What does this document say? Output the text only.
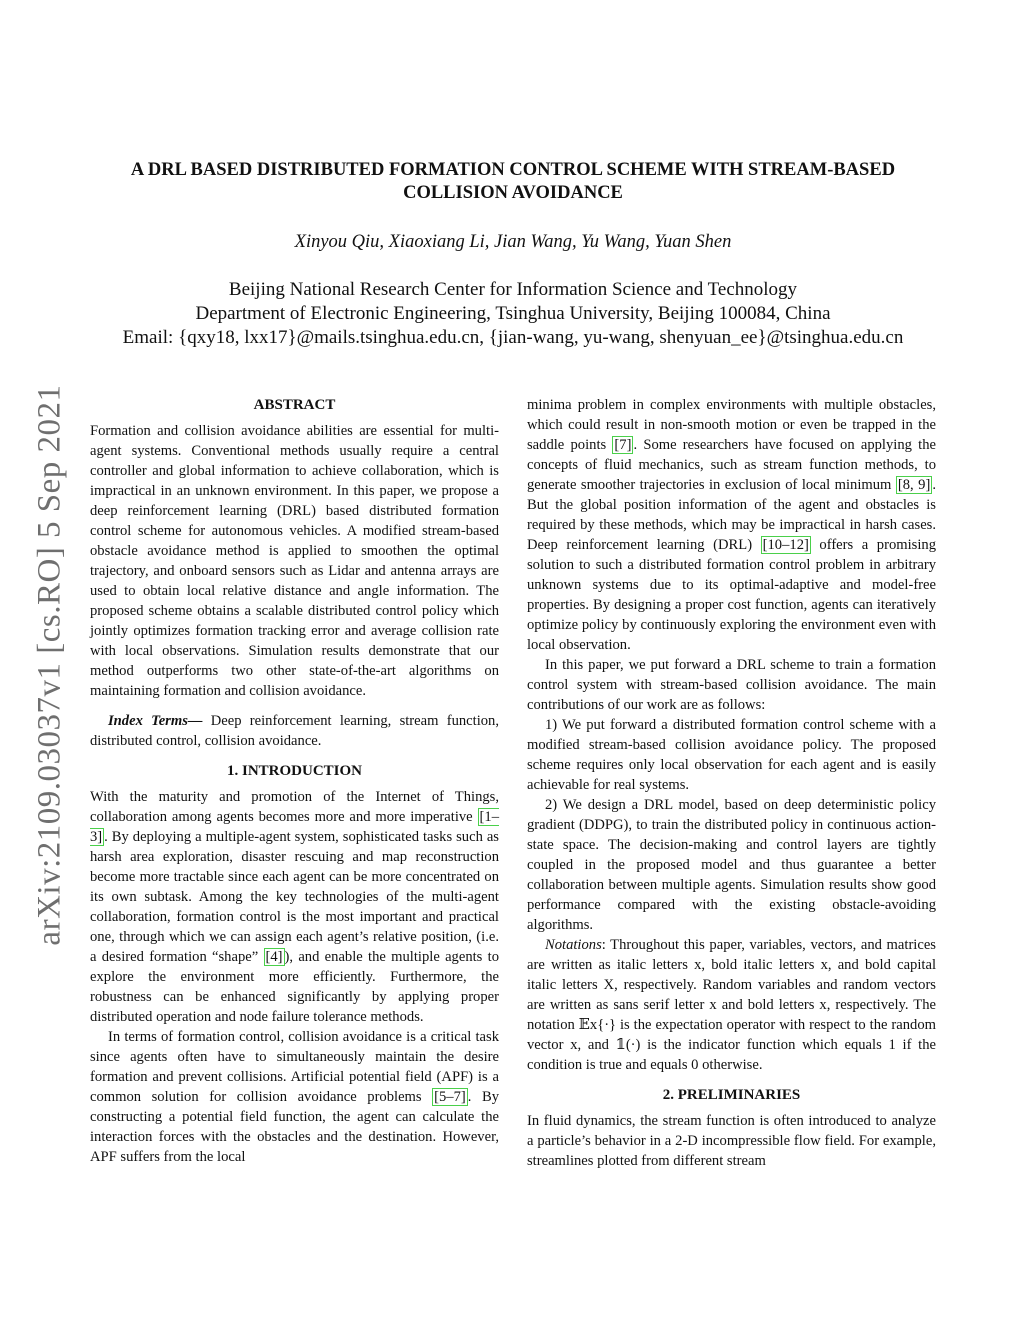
arXiv:2109.03037v1 [cs.RO] 5 Sep 2021
A DRL BASED DISTRIBUTED FORMATION CONTROL SCHEME WITH STREAM-BASED
COLLISION AVOIDANCE
Xinyou Qiu, Xiaoxiang Li, Jian Wang, Yu Wang, Yuan Shen
Beijing National Research Center for Information Science and Technology
Department of Electronic Engineering, Tsinghua University, Beijing 100084, China
Email: {qxy18, lxx17}@mails.tsinghua.edu.cn, {jian-wang, yu-wang, shenyuan_ee}@tsinghua.edu.cn
ABSTRACT

Formation and collision avoidance abilities are essential for multi-agent systems. Conventional methods usually require a central controller and global information to achieve collaboration, which is impractical in an unknown environment. In this paper, we propose a deep reinforcement learning (DRL) based distributed formation control scheme for autonomous vehicles. A modified stream-based obstacle avoidance method is applied to smoothen the optimal trajectory, and onboard sensors such as Lidar and antenna arrays are used to obtain local relative distance and angle information. The proposed scheme obtains a scalable distributed control policy which jointly optimizes formation tracking error and average collision rate with local observations. Simulation results demonstrate that our method outperforms two other state-of-the-art algorithms on maintaining formation and collision avoidance.

Index Terms— Deep reinforcement learning, stream function, distributed control, collision avoidance.

1. INTRODUCTION

With the maturity and promotion of the Internet of Things, collaboration among agents becomes more and more imperative [1–3] . By deploying a multiple-agent system, sophisticated tasks such as harsh area exploration, disaster rescuing and map reconstruction become more tractable since each agent can be more concentrated on its own subtask. Among the key technologies of the multi-agent collaboration, formation control is the most important and practical one, through which we can assign each agent’s relative position, (i.e. a desired formation “shape” [4] ), and enable the multiple agents to explore the environment more efficiently. Furthermore, the robustness can be enhanced significantly by applying proper distributed operation and node failure tolerance methods.

In terms of formation control, collision avoidance is a critical task since agents often have to simultaneously maintain the desire formation and prevent collisions. Artificial potential field (APF) is a common solution for collision avoidance problems [5–7] . By constructing a potential field function, the agent can calculate the interaction forces with the obstacles and the destination. However, APF suffers from the local

minima problem in complex environments with multiple obstacles, which could result in non-smooth motion or even be trapped in the saddle points [7] . Some researchers have focused on applying the concepts of fluid mechanics, such as stream function methods, to generate smoother trajectories in exclusion of local minimum [8, 9] . But the global position information of the agent and obstacles is required by these methods, which may be impractical in harsh cases. Deep reinforcement learning (DRL) [10–12] offers a promising solution to such a distributed formation control problem in arbitrary unknown systems due to its optimal-adaptive and model-free properties. By designing a proper cost function, agents can iteratively optimize policy by continuously exploring the environment even with local observation.

In this paper, we put forward a DRL scheme to train a formation control system with stream-based collision avoidance. The main contributions of our work are as follows:

1) We put forward a distributed formation control scheme with a modified stream-based collision avoidance policy. The proposed scheme requires only local observation for each agent and is easily achievable for real systems.

2) We design a DRL model, based on deep deterministic policy gradient (DDPG), to train the distributed policy in continuous action-state space. The decision-making and control layers are tightly coupled in the proposed model and thus guarantee a better collaboration between multiple agents. Simulation results show good performance compared with the existing obstacle-avoiding algorithms.

Notations: Throughout this paper, variables, vectors, and matrices are written as italic letters x, bold italic letters x, and bold capital italic letters X, respectively. Random variables and random vectors are written as sans serif letter x and bold letters x, respectively. The notation 𝔼x{·} is the expectation operator with respect to the random vector x, and 𝟙(·) is the indicator function which equals 1 if the condition is true and equals 0 otherwise.

2. PRELIMINARIES

In fluid dynamics, the stream function is often introduced to analyze a particle’s behavior in a 2-D incompressible flow field. For example, streamlines plotted from different stream
